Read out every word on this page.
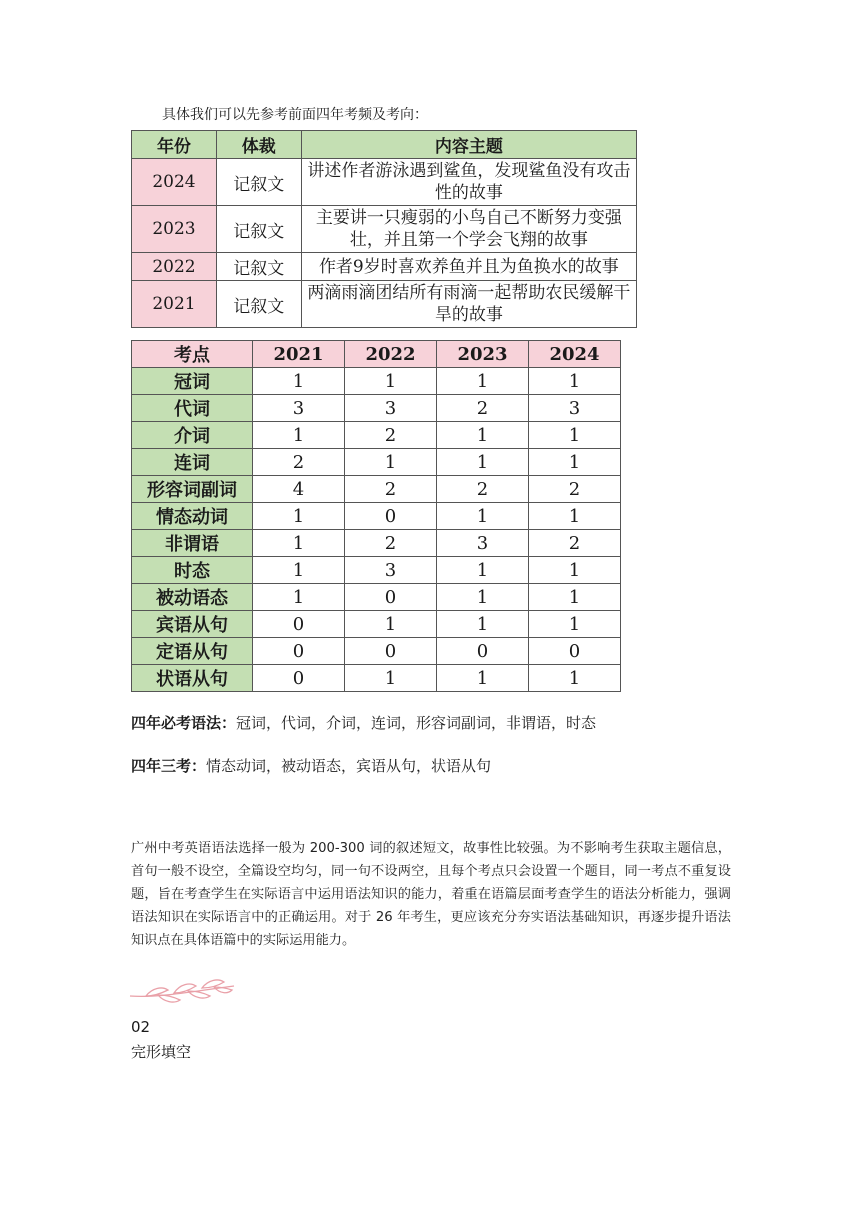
具体我们可以先参考前面四年考频及考向：
年份	体裁	内容主题
2024	记叙文	讲述作者游泳遇到鲨鱼，发现鲨鱼没有攻击性的故事
2023	记叙文	主要讲一只瘦弱的小鸟自己不断努力变强壮，并且第一个学会飞翔的故事
2022	记叙文	作者9岁时喜欢养鱼并且为鱼换水的故事
2021	记叙文	两滴雨滴团结所有雨滴一起帮助农民缓解干旱的故事
考点	2021	2022	2023	2024
冠词	1	1	1	1
代词	3	3	2	3
介词	1	2	1	1
连词	2	1	1	1
形容词副词	4	2	2	2
情态动词	1	0	1	1
非谓语	1	2	3	2
时态	1	3	1	1
被动语态	1	0	1	1
宾语从句	0	1	1	1
定语从句	0	0	0	0
状语从句	0	1	1	1
四年必考语法：冠词，代词，介词，连词，形容词副词，非谓语，时态
四年三考：情态动词，被动语态，宾语从句，状语从句
广州中考英语语法选择一般为 200-300 词的叙述短文，故事性比较强。为不影响考生获取主题信息，首句一般不设空，全篇设空均匀，同一句不设两空，且每个考点只会设置一个题目，同一考点不重复设题，旨在考查学生在实际语言中运用语法知识的能力，着重在语篇层面考查学生的语法分析能力，强调语法知识在实际语言中的正确运用。对于 26 年考生，更应该充分夯实语法基础知识，再逐步提升语法知识点在具体语篇中的实际运用能力。
02
完形填空
